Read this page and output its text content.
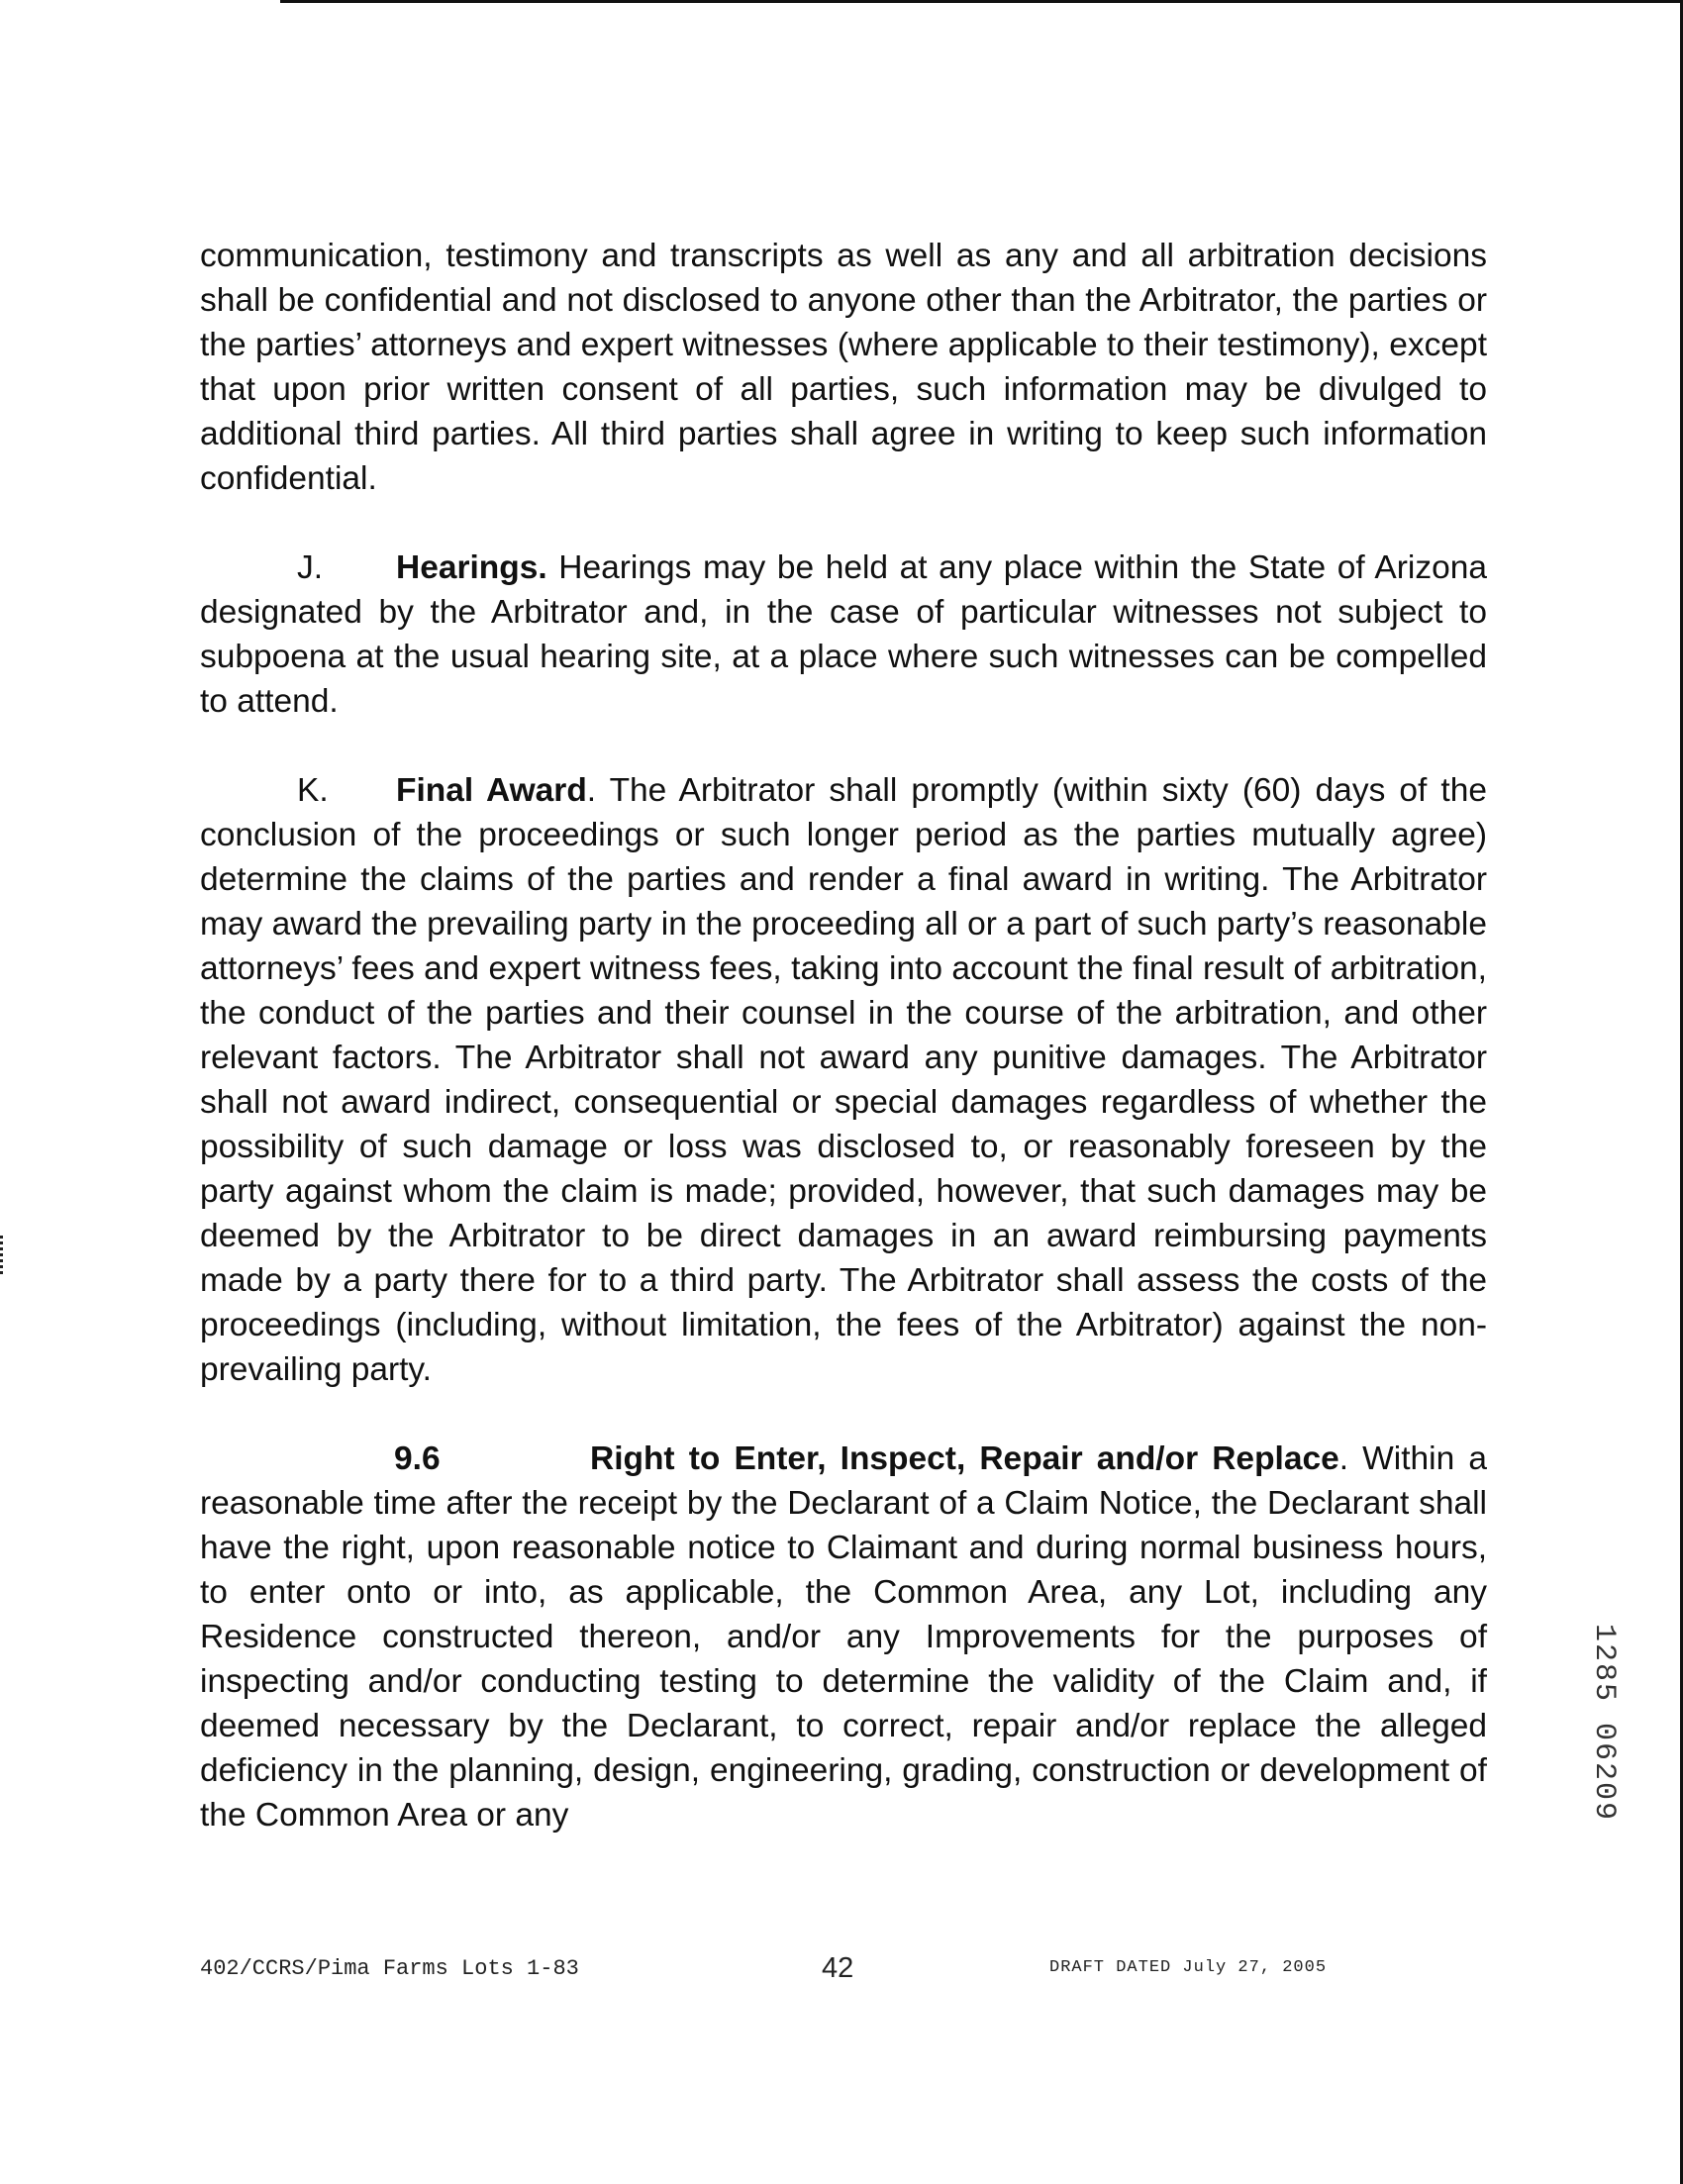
communication, testimony and transcripts as well as any and all arbitration decisions shall be confidential and not disclosed to anyone other than the Arbitrator, the parties or the parties’ attorneys and expert witnesses (where applicable to their testimony), except that upon prior written consent of all parties, such information may be divulged to additional third parties. All third parties shall agree in writing to keep such information confidential.

J. Hearings. Hearings may be held at any place within the State of Arizona designated by the Arbitrator and, in the case of particular witnesses not subject to subpoena at the usual hearing site, at a place where such witnesses can be compelled to attend.

K. Final Award. The Arbitrator shall promptly (within sixty (60) days of the conclusion of the proceedings or such longer period as the parties mutually agree) determine the claims of the parties and render a final award in writing. The Arbitrator may award the prevailing party in the proceeding all or a part of such party’s reasonable attorneys’ fees and expert witness fees, taking into account the final result of arbitration, the conduct of the parties and their counsel in the course of the arbitration, and other relevant factors. The Arbitrator shall not award any punitive damages. The Arbitrator shall not award indirect, consequential or special damages regardless of whether the possibility of such damage or loss was disclosed to, or reasonably foreseen by the party against whom the claim is made; provided, however, that such damages may be deemed by the Arbitrator to be direct damages in an award reimbursing payments made by a party there for to a third party. The Arbitrator shall assess the costs of the proceedings (including, without limitation, the fees of the Arbitrator) against the non-prevailing party.

9.6	Right to Enter, Inspect, Repair and/or Replace. Within a reasonable time after the receipt by the Declarant of a Claim Notice, the Declarant shall have the right, upon reasonable notice to Claimant and during normal business hours, to enter onto or into, as applicable, the Common Area, any Lot, including any Residence constructed thereon, and/or any Improvements for the purposes of inspecting and/or conducting testing to determine the validity of the Claim and, if deemed necessary by the Declarant, to correct, repair and/or replace the alleged deficiency in the planning, design, engineering, grading, construction or development of the Common Area or any	1285 06209
402/CCRS/Pima Farms Lots 1-83	42	DRAFT DATED July 27, 2005
